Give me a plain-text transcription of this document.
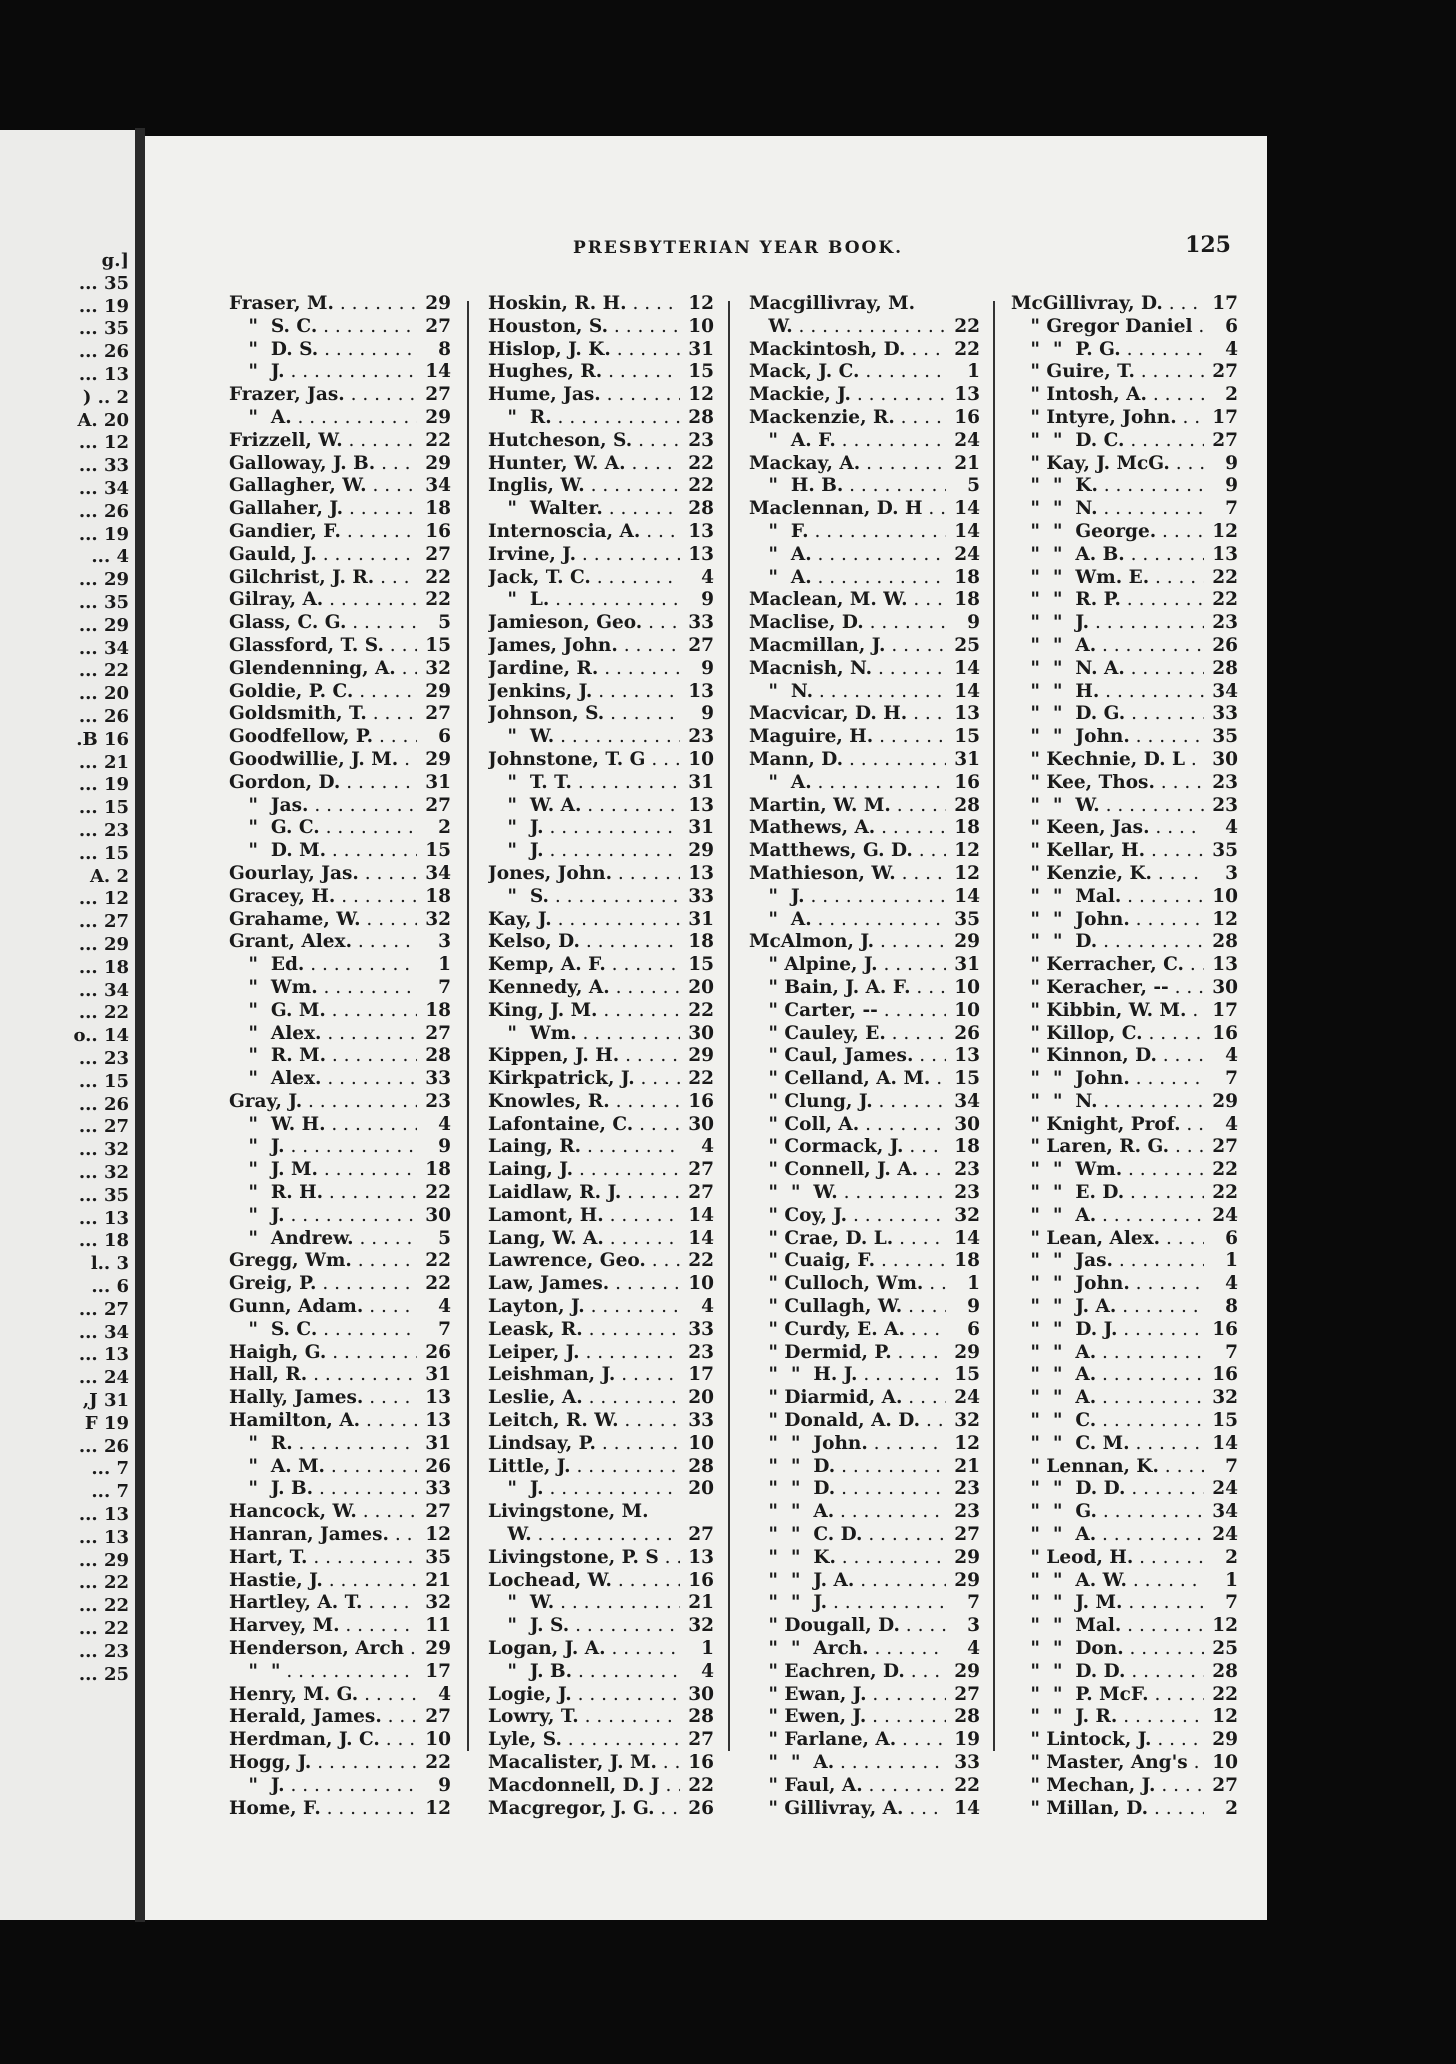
g.]
... 35
... 19
... 35
... 26
... 13
) .. 2
A. 20
... 12
... 33
... 34
... 26
... 19
... 4
... 29
... 35
... 29
... 34
... 22
... 20
... 26
.B 16
... 21
... 19
... 15
... 23
... 15
A. 2
... 12
... 27
... 29
... 18
... 34
... 22
o.. 14
... 23
... 15
... 26
... 27
... 32
... 32
... 35
... 13
... 18
l.. 3
... 6
... 27
... 34
... 13
... 24
,J 31
F 19
... 26
... 7
... 7
... 13
... 13
... 29
... 22
... 22
... 22
... 23
... 25
PRESBYTERIAN YEAR BOOK.	125
Fraser, M. . . .	29
"  S. C. . . .	27
"  D. S. . . .	8
"  J. . . .	14
Frazer, Jas. . . .	27
"  A. . . .	29
Frizzell, W. . . .	22
Galloway, J. B. . . .	29
Gallagher, W. . . .	34
Gallaher, J. . . .	18
Gandier, F. . . .	16
Gauld, J. . . .	27
Gilchrist, J. R. . . .	22
Gilray, A. . . .	22
Glass, C. G. . . .	5
Glassford, T. S. . . .	15
Glendenning, A. . . .	32
Goldie, P. C. . . .	29
Goldsmith, T. . . .	27
Goodfellow, P. . . .	6
Goodwillie, J. M. . . .	29
Gordon, D. . . .	31
"  Jas. . . .	27
"  G. C. . . .	2
"  D. M. . . .	15
Gourlay, Jas. . . .	34
Gracey, H. . . .	18
Grahame, W. . . .	32
Grant, Alex. . . .	3
"  Ed. . . .	1
"  Wm. . . .	7
"  G. M. . . .	18
"  Alex. . . .	27
"  R. M. . . .	28
"  Alex. . . .	33
Gray, J. . . .	23
"  W. H. . . .	4
"  J. . . .	9
"  J. M. . . .	18
"  R. H. . . .	22
"  J. . . .	30
"  Andrew. . . .	5
Gregg, Wm. . . .	22
Greig, P. . . .	22
Gunn, Adam. . . .	4
"  S. C. . . .	7
Haigh, G. . . .	26
Hall, R. . . .	31
Hally, James. . . .	13
Hamilton, A. . . .	13
"  R. . . .	31
"  A. M. . . .	26
"  J. B. . . .	33
Hancock, W. . . .	27
Hanran, James. . . .	12
Hart, T. . . .	35
Hastie, J. . . .	21
Hartley, A. T. . . .	32
Harvey, M. . . .	11
Henderson, Arch . . .	29
"  " . . .	17
Henry, M. G. . . .	4
Herald, James. . . .	27
Herdman, J. C. . . .	10
Hogg, J. . . .	22
"  J. . . .	9
Home, F. . . .	12
Hoskin, R. H. . . .	12
Houston, S. . . .	10
Hislop, J. K. . . .	31
Hughes, R. . . .	15
Hume, Jas. . . .	12
"  R. . . .	28
Hutcheson, S. . . .	23
Hunter, W. A. . . .	22
Inglis, W. . . .	22
"  Walter. . . .	28
Internoscia, A. . . .	13
Irvine, J. . . .	13
Jack, T. C. . . .	4
"  L. . . .	9
Jamieson, Geo. . . .	33
James, John. . . .	27
Jardine, R. . . .	9
Jenkins, J. . . .	13
Johnson, S. . . .	9
"  W. . . .	23
Johnstone, T. G . . .	10
"  T. T. . . .	31
"  W. A. . . .	13
"  J. . . .	31
"  J. . . .	29
Jones, John. . . .	13
"  S. . . .	33
Kay, J. . . .	31
Kelso, D. . . .	18
Kemp, A. F. . . .	15
Kennedy, A. . . .	20
King, J. M. . . .	22
"  Wm. . . .	30
Kippen, J. H. . . .	29
Kirkpatrick, J. . . .	22
Knowles, R. . . .	16
Lafontaine, C. . . .	30
Laing, R. . . .	4
Laing, J. . . .	27
Laidlaw, R. J. . . .	27
Lamont, H. . . .	14
Lang, W. A. . . .	14
Lawrence, Geo. . . .	22
Law, James. . . .	10
Layton, J. . . .	4
Leask, R. . . .	33
Leiper, J. . . .	23
Leishman, J. . . .	17
Leslie, A. . . .	20
Leitch, R. W. . . .	33
Lindsay, P. . . .	10
Little, J. . . .	28
"  J. . . .	20
Livingstone, M.
W. . . .	27
Livingstone, P. S . . .	13
Lochead, W. . . .	16
"  W. . . .	21
"  J. S. . . .	32
Logan, J. A. . . .	1
"  J. B. . . .	4
Logie, J. . . .	30
Lowry, T. . . .	28
Lyle, S. . . .	27
Macalister, J. M. . . .	16
Macdonnell, D. J . . .	22
Macgregor, J. G. . . .	26
Macgillivray, M.
W. . . .	22
Mackintosh, D. . . .	22
Mack, J. C. . . .	1
Mackie, J. . . .	13
Mackenzie, R. . . .	16
"  A. F. . . .	24
Mackay, A. . . .	21
"  H. B. . . .	5
Maclennan, D. H . . .	14
"  F. . . .	14
"  A. . . .	24
"  A. . . .	18
Maclean, M. W. . . .	18
Maclise, D. . . .	9
Macmillan, J. . . .	25
Macnish, N. . . .	14
"  N. . . .	14
Macvicar, D. H. . . .	13
Maguire, H. . . .	15
Mann, D. . . .	31
"  A. . . .	16
Martin, W. M. . . .	28
Mathews, A. . . .	18
Matthews, G. D. . . .	12
Mathieson, W. . . .	12
"  J. . . .	14
"  A. . . .	35
McAlmon, J. . . .	29
" Alpine, J. . . .	31
" Bain, J. A. F. . . .	10
" Carter, -- . . .	10
" Cauley, E. . . .	26
" Caul, James. . . .	13
" Celland, A. M. . . .	15
" Clung, J. . . .	34
" Coll, A. . . .	30
" Cormack, J. . . .	18
" Connell, J. A. . . .	23
"  "  W. . . .	23
" Coy, J. . . .	32
" Crae, D. L. . . .	14
" Cuaig, F. . . .	18
" Culloch, Wm. . . .	1
" Cullagh, W. . . .	9
" Curdy, E. A. . . .	6
" Dermid, P. . . .	29
"  "  H. J. . . .	15
" Diarmid, A. . . .	24
" Donald, A. D. . . .	32
"  "  John. . . .	12
"  "  D. . . .	21
"  "  D. . . .	23
"  "  A. . . .	23
"  "  C. D. . . .	27
"  "  K. . . .	29
"  "  J. A. . . .	29
"  "  J. . . .	7
" Dougall, D. . . .	3
"  "  Arch. . . .	4
" Eachren, D. . . .	29
" Ewan, J. . . .	27
" Ewen, J. . . .	28
" Farlane, A. . . .	19
"  "  A. . . .	33
" Faul, A. . . .	22
" Gillivray, A. . . .	14
McGillivray, D. . . .	17
" Gregor Daniel . . .	6
"  "  P. G. . . .	4
" Guire, T. . . .	27
" Intosh, A. . . .	2
" Intyre, John. . . .	17
"  "  D. C. . . .	27
" Kay, J. McG. . . .	9
"  "  K. . . .	9
"  "  N. . . .	7
"  "  George. . . .	12
"  "  A. B. . . .	13
"  "  Wm. E. . . .	22
"  "  R. P. . . .	22
"  "  J. . . .	23
"  "  A. . . .	26
"  "  N. A. . . .	28
"  "  H. . . .	34
"  "  D. G. . . .	33
"  "  John. . . .	35
" Kechnie, D. L . . .	30
" Kee, Thos. . . .	23
"  "  W. . . .	23
" Keen, Jas. . . .	4
" Kellar, H. . . .	35
" Kenzie, K. . . .	3
"  "  Mal. . . .	10
"  "  John. . . .	12
"  "  D. . . .	28
" Kerracher, C. . . .	13
" Keracher, -- . . .	30
" Kibbin, W. M. . . .	17
" Killop, C. . . .	16
" Kinnon, D. . . .	4
"  "  John. . . .	7
"  "  N. . . .	29
" Knight, Prof. . . .	4
" Laren, R. G. . . .	27
"  "  Wm. . . .	22
"  "  E. D. . . .	22
"  "  A. . . .	24
" Lean, Alex. . . .	6
"  "  Jas. . . .	1
"  "  John. . . .	4
"  "  J. A. . . .	8
"  "  D. J. . . .	16
"  "  A. . . .	7
"  "  A. . . .	16
"  "  A. . . .	32
"  "  C. . . .	15
"  "  C. M. . . .	14
" Lennan, K. . . .	7
"  "  D. D. . . .	24
"  "  G. . . .	34
"  "  A. . . .	24
" Leod, H. . . .	2
"  "  A. W. . . .	1
"  "  J. M. . . .	7
"  "  Mal. . . .	12
"  "  Don. . . .	25
"  "  D. D. . . .	28
"  "  P. McF. . . .	22
"  "  J. R. . . .	12
" Lintock, J. . . .	29
" Master, Ang's . . .	10
" Mechan, J. . . .	27
" Millan, D. . . .	2
